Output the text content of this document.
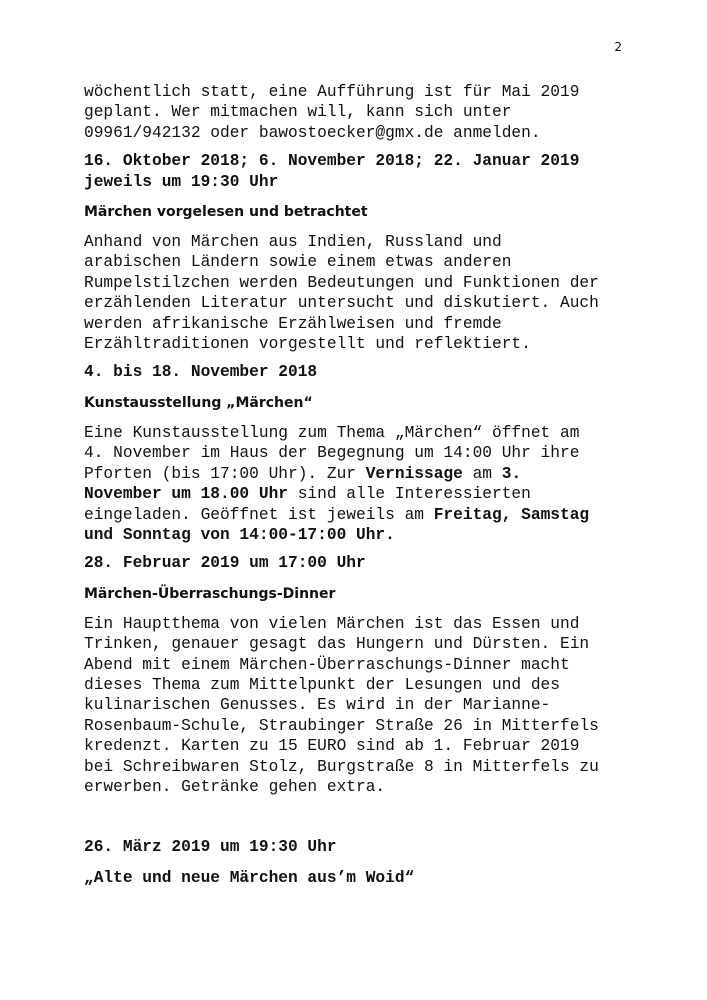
2
wöchentlich statt, eine Aufführung ist für Mai 2019
geplant. Wer mitmachen will, kann sich unter
09961/942132 oder bawostoecker@gmx.de anmelden.
16. Oktober 2018; 6. November 2018; 22. Januar 2019
jeweils um 19:30 Uhr
Märchen vorgelesen und betrachtet
Anhand von Märchen aus Indien, Russland und
arabischen Ländern sowie einem etwas anderen
Rumpelstilzchen werden Bedeutungen und Funktionen der
erzählenden Literatur untersucht und diskutiert. Auch
werden afrikanische Erzählweisen und fremde
Erzähltraditionen vorgestellt und reflektiert.
4. bis 18. November 2018
Kunstausstellung „Märchen“
Eine Kunstausstellung zum Thema „Märchen“ öffnet am
4. November im Haus der Begegnung um 14:00 Uhr ihre
Pforten (bis 17:00 Uhr). Zur Vernissage am 3.
November um 18.00 Uhr sind alle Interessierten
eingeladen. Geöffnet ist jeweils am Freitag, Samstag
und Sonntag von 14:00-17:00 Uhr.
28. Februar 2019 um 17:00 Uhr
Märchen-Überraschungs-Dinner
Ein Hauptthema von vielen Märchen ist das Essen und
Trinken, genauer gesagt das Hungern und Dürsten. Ein
Abend mit einem Märchen-Überraschungs-Dinner macht
dieses Thema zum Mittelpunkt der Lesungen und des
kulinarischen Genusses. Es wird in der Marianne-
Rosenbaum-Schule, Straubinger Straße 26 in Mitterfels
kredenzt. Karten zu 15 EURO sind ab 1. Februar 2019
bei Schreibwaren Stolz, Burgstraße 8 in Mitterfels zu
erwerben. Getränke gehen extra.
26. März 2019 um 19:30 Uhr
„Alte und neue Märchen aus’m Woid“
